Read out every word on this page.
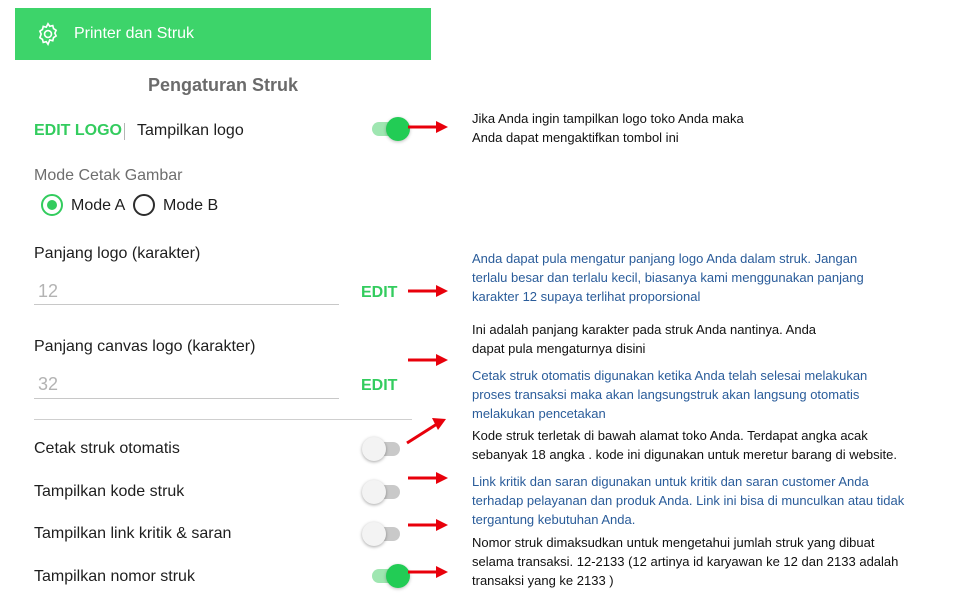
Printer dan Struk
Pengaturan Struk
EDIT LOGO Tampilkan logo
Mode Cetak Gambar
Mode A Mode B
Panjang logo (karakter)
12	EDIT
Panjang canvas logo (karakter)
32	EDIT
Cetak struk otomatis
Tampilkan kode struk
Tampilkan link kritik & saran
Tampilkan nomor struk
Jika Anda ingin tampilkan logo toko Anda maka
Anda dapat mengaktifkan tombol ini
Anda dapat pula mengatur panjang logo Anda dalam struk. Jangan
terlalu besar dan terlalu kecil, biasanya kami menggunakan panjang
karakter 12 supaya terlihat proporsional
Ini adalah panjang karakter pada struk Anda nantinya. Anda
dapat pula mengaturnya disini
Cetak struk otomatis digunakan ketika Anda telah selesai melakukan
proses transaksi maka akan langsungstruk akan langsung otomatis
melakukan pencetakan
Kode struk terletak di bawah alamat toko Anda. Terdapat angka acak
sebanyak 18 angka . kode ini digunakan untuk meretur barang di website.
Link kritik dan saran digunakan untuk kritik dan saran customer Anda
terhadap pelayanan dan produk Anda. Link ini bisa di munculkan atau tidak
tergantung kebutuhan Anda.
Nomor struk dimaksudkan untuk mengetahui jumlah struk yang dibuat
selama transaksi. 12-2133 (12 artinya id karyawan ke 12 dan 2133 adalah
transaksi yang ke 2133 )
